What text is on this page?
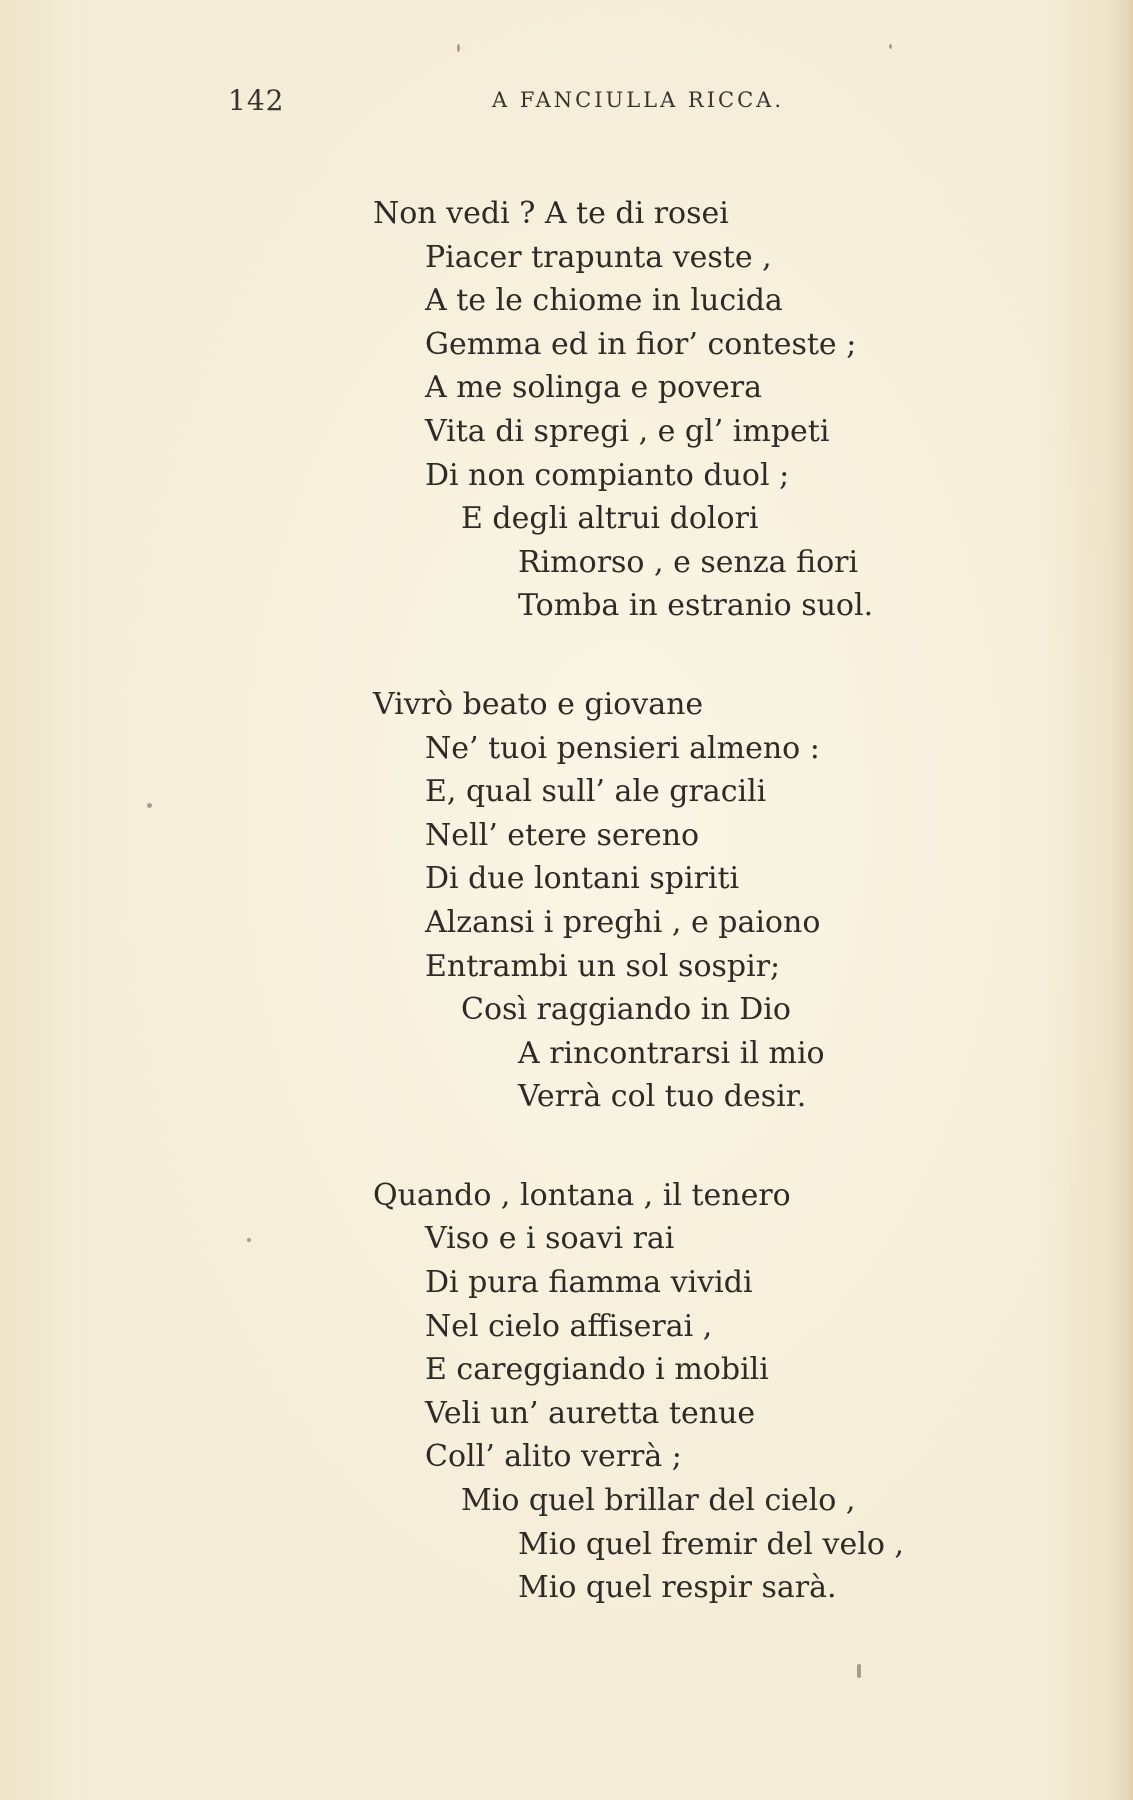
142	A FANCIULLA RICCA.
Non vedi ? A te di rosei
Piacer trapunta veste ,
A te le chiome in lucida
Gemma ed in fior’ conteste ;
A me solinga e povera
Vita di spregi , e gl’ impeti
Di non compianto duol ;
E degli altrui dolori
Rimorso , e senza fiori
Tomba in estranio suol.
Vivrò beato e giovane
Ne’ tuoi pensieri almeno :
E, qual sull’ ale gracili
Nell’ etere sereno
Di due lontani spiriti
Alzansi i preghi , e paiono
Entrambi un sol sospir;
Così raggiando in Dio
A rincontrarsi il mio
Verrà col tuo desir.
Quando , lontana , il tenero
Viso e i soavi rai
Di pura fiamma vividi
Nel cielo affiserai ,
E careggiando i mobili
Veli un’ auretta tenue
Coll’ alito verrà ;
Mio quel brillar del cielo ,
Mio quel fremir del velo ,
Mio quel respir sarà.
